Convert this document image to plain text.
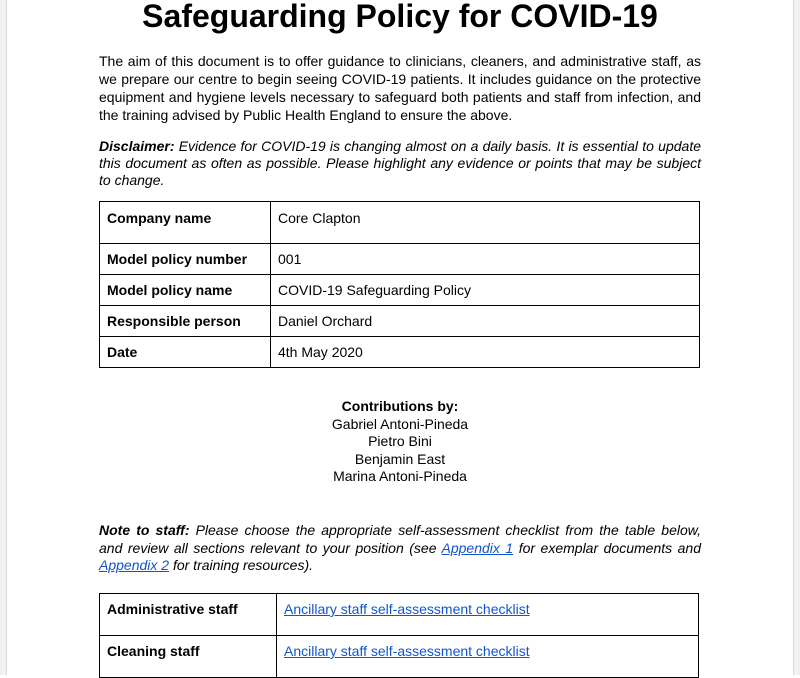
Safeguarding Policy for COVID-19

The aim of this document is to offer guidance to clinicians, cleaners, and administrative staff, as we prepare our centre to begin seeing COVID-19 patients. It includes guidance on the protective equipment and hygiene levels necessary to safeguard both patients and staff from infection, and the training advised by Public Health England to ensure the above.

Disclaimer: Evidence for COVID-19 is changing almost on a daily basis. It is essential to update this document as often as possible. Please highlight any evidence or points that may be subject to change.

Company name	Core Clapton
Model policy number	001
Model policy name	COVID-19 Safeguarding Policy
Responsible person	Daniel Orchard
Date	4th May 2020
Contributions by:
Gabriel Antoni-Pineda
Pietro Bini
Benjamin East
Marina Antoni-Pineda

Note to staff: Please choose the appropriate self-assessment checklist from the table below, and review all sections relevant to your position (see Appendix 1 for exemplar documents and Appendix 2 for training resources).

Administrative staff	Ancillary staff self-assessment checklist
Cleaning staff	Ancillary staff self-assessment checklist
